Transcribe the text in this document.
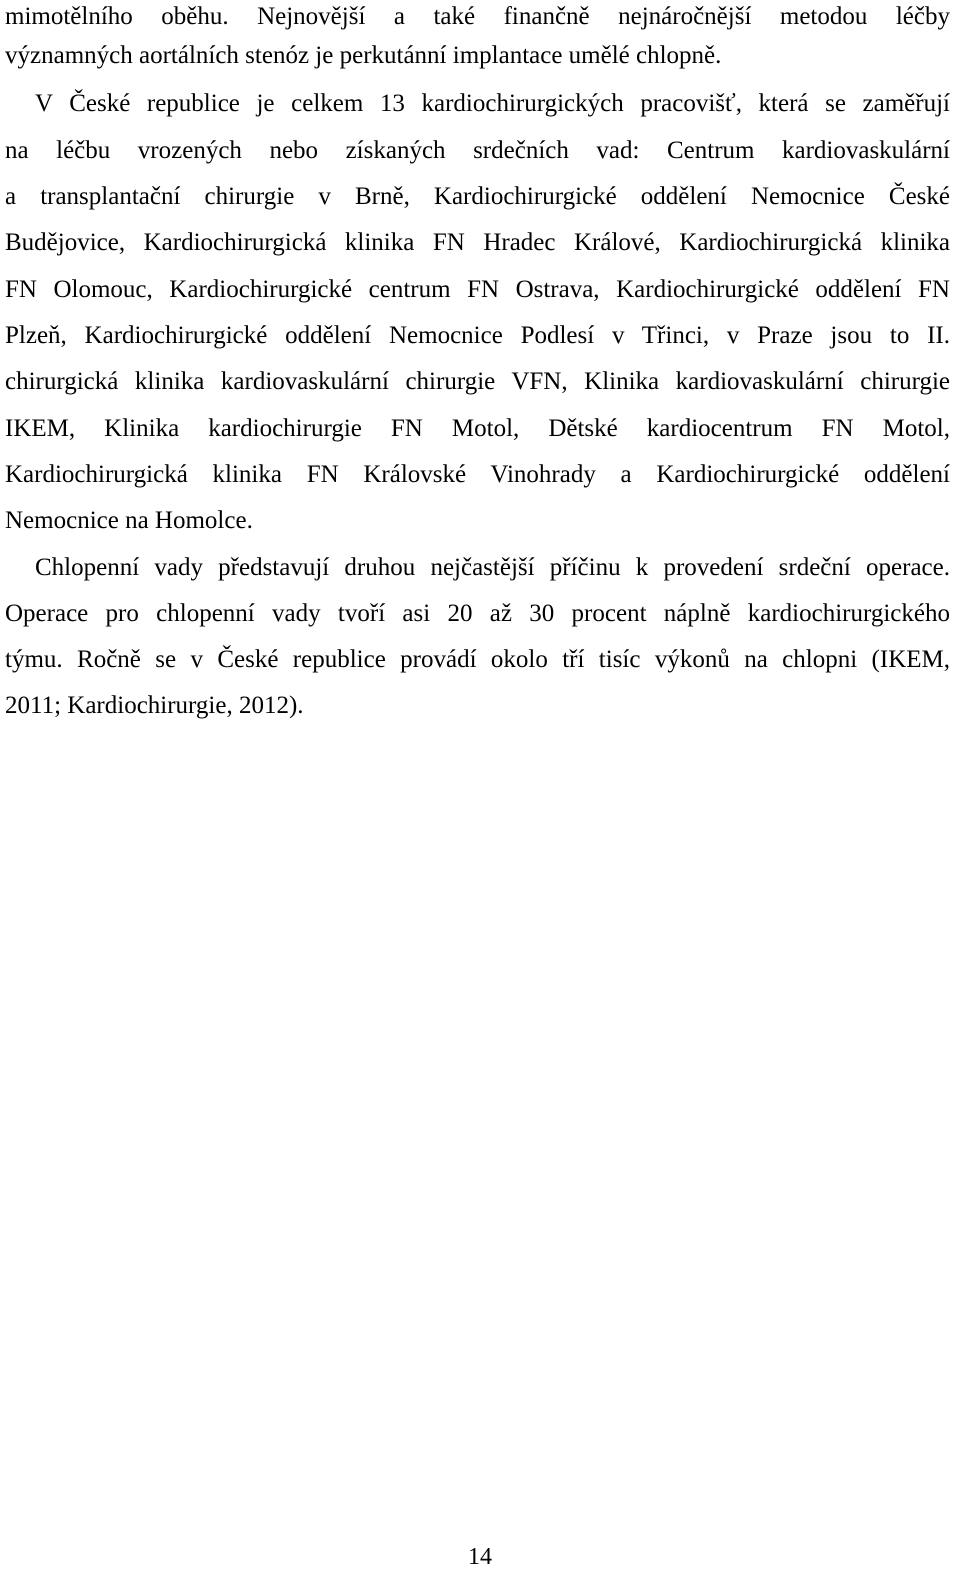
mimotělního oběhu. Nejnovější a také finančně nejnáročnější metodou léčby
významných aortálních stenóz je perkutánní implantace umělé chlopně.
V České republice je celkem 13 kardiochirurgických pracovišť, která se zaměřují
na léčbu vrozených nebo získaných srdečních vad: Centrum kardiovaskulární
a transplantační chirurgie v Brně, Kardiochirurgické oddělení Nemocnice České
Budějovice, Kardiochirurgická klinika FN Hradec Králové, Kardiochirurgická klinika
FN Olomouc, Kardiochirurgické centrum FN Ostrava, Kardiochirurgické oddělení FN
Plzeň, Kardiochirurgické oddělení Nemocnice Podlesí v Třinci, v Praze jsou to II.
chirurgická klinika kardiovaskulární chirurgie VFN, Klinika kardiovaskulární chirurgie
IKEM, Klinika kardiochirurgie FN Motol, Dětské kardiocentrum FN Motol,
Kardiochirurgická klinika FN Královské Vinohrady a Kardiochirurgické oddělení
Nemocnice na Homolce.
Chlopenní vady představují druhou nejčastější příčinu k provedení srdeční operace.
Operace pro chlopenní vady tvoří asi 20 až 30 procent náplně kardiochirurgického
týmu. Ročně se v České republice provádí okolo tří tisíc výkonů na chlopni (IKEM,
2011; Kardiochirurgie, 2012).
14
